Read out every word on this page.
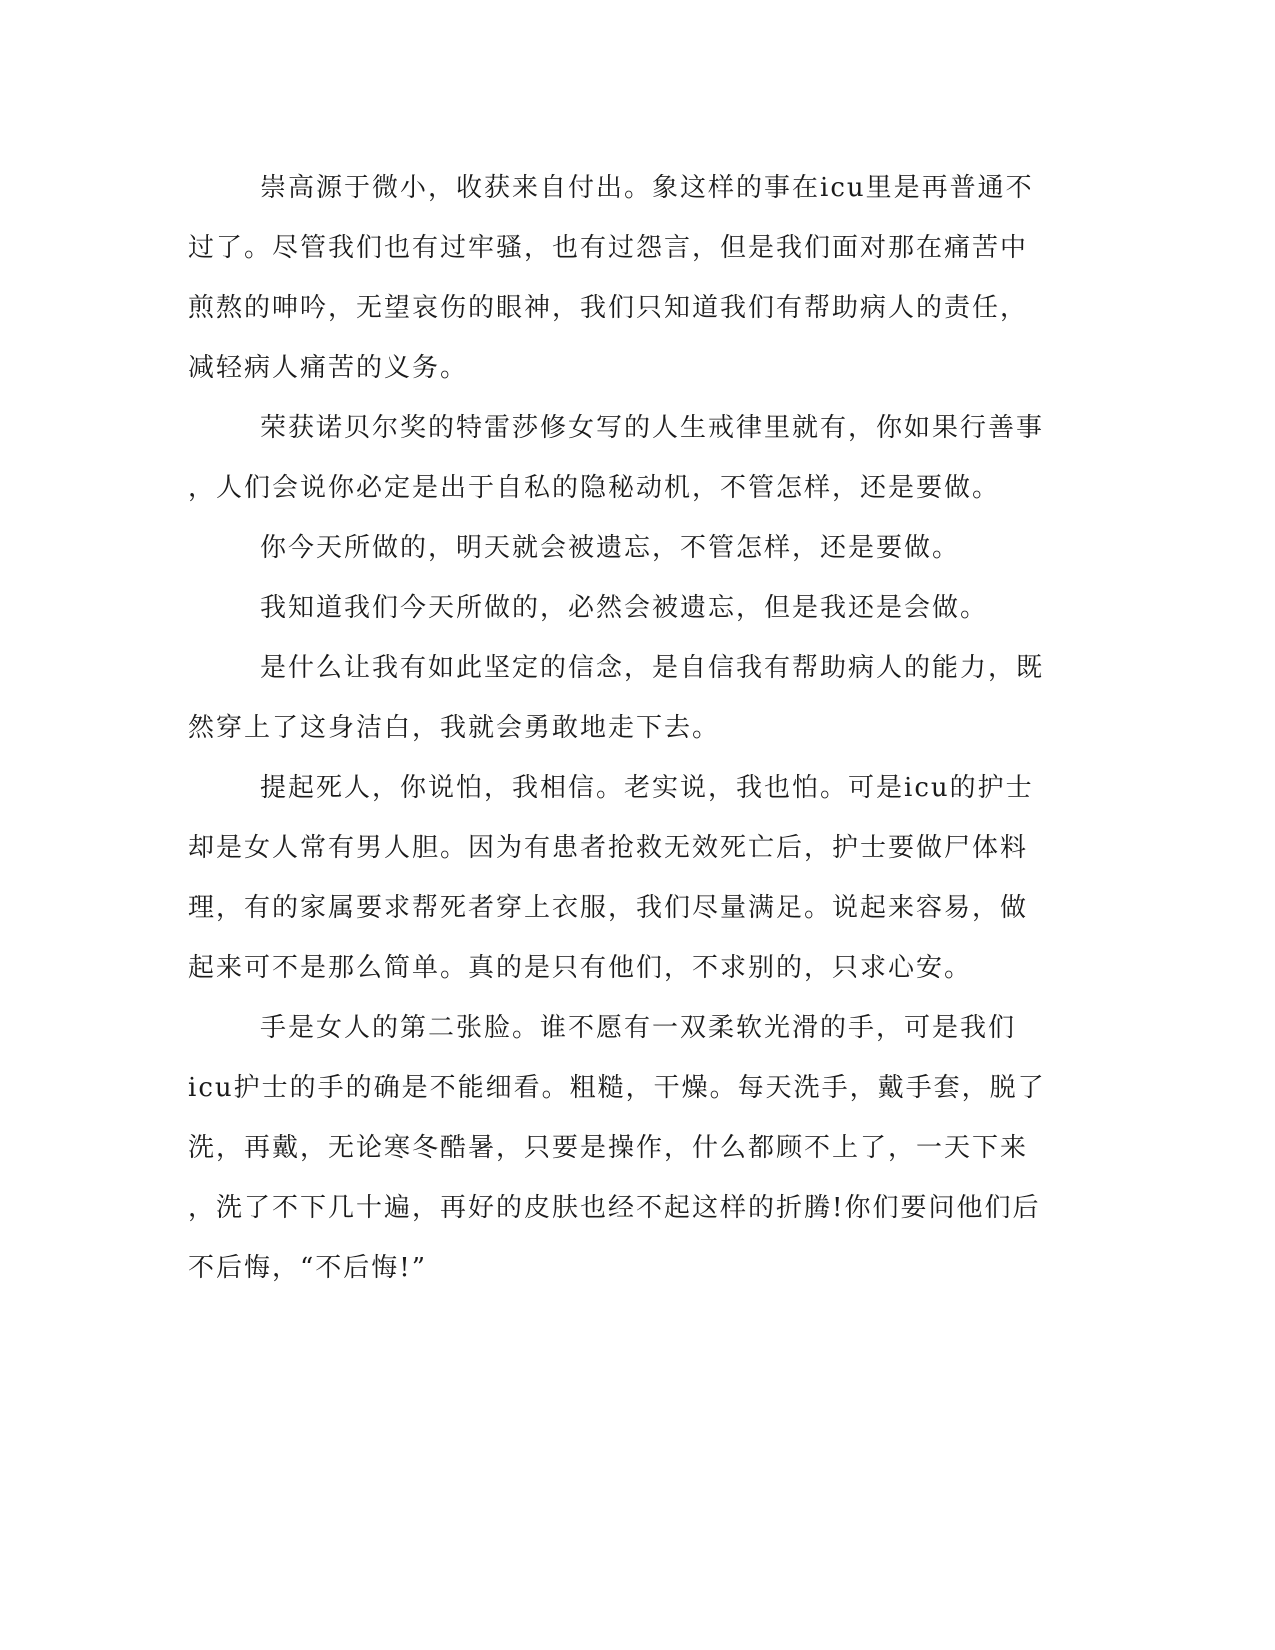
崇高源于微小，收获来自付出。象这样的事在icu里是再普通不
过了。尽管我们也有过牢骚，也有过怨言，但是我们面对那在痛苦中
煎熬的呻吟，无望哀伤的眼神，我们只知道我们有帮助病人的责任，
减轻病人痛苦的义务。
荣获诺贝尔奖的特雷莎修女写的人生戒律里就有，你如果行善事
，人们会说你必定是出于自私的隐秘动机，不管怎样，还是要做。
你今天所做的，明天就会被遗忘，不管怎样，还是要做。
我知道我们今天所做的，必然会被遗忘，但是我还是会做。
是什么让我有如此坚定的信念，是自信我有帮助病人的能力，既
然穿上了这身洁白，我就会勇敢地走下去。
提起死人，你说怕，我相信。老实说，我也怕。可是icu的护士
却是女人常有男人胆。因为有患者抢救无效死亡后，护士要做尸体料
理，有的家属要求帮死者穿上衣服，我们尽量满足。说起来容易，做
起来可不是那么简单。真的是只有他们，不求别的，只求心安。
手是女人的第二张脸。谁不愿有一双柔软光滑的手，可是我们
icu护士的手的确是不能细看。粗糙，干燥。每天洗手，戴手套，脱了
洗，再戴，无论寒冬酷暑，只要是操作，什么都顾不上了，一天下来
，洗了不下几十遍，再好的皮肤也经不起这样的折腾!你们要问他们后
不后悔，“不后悔!”
